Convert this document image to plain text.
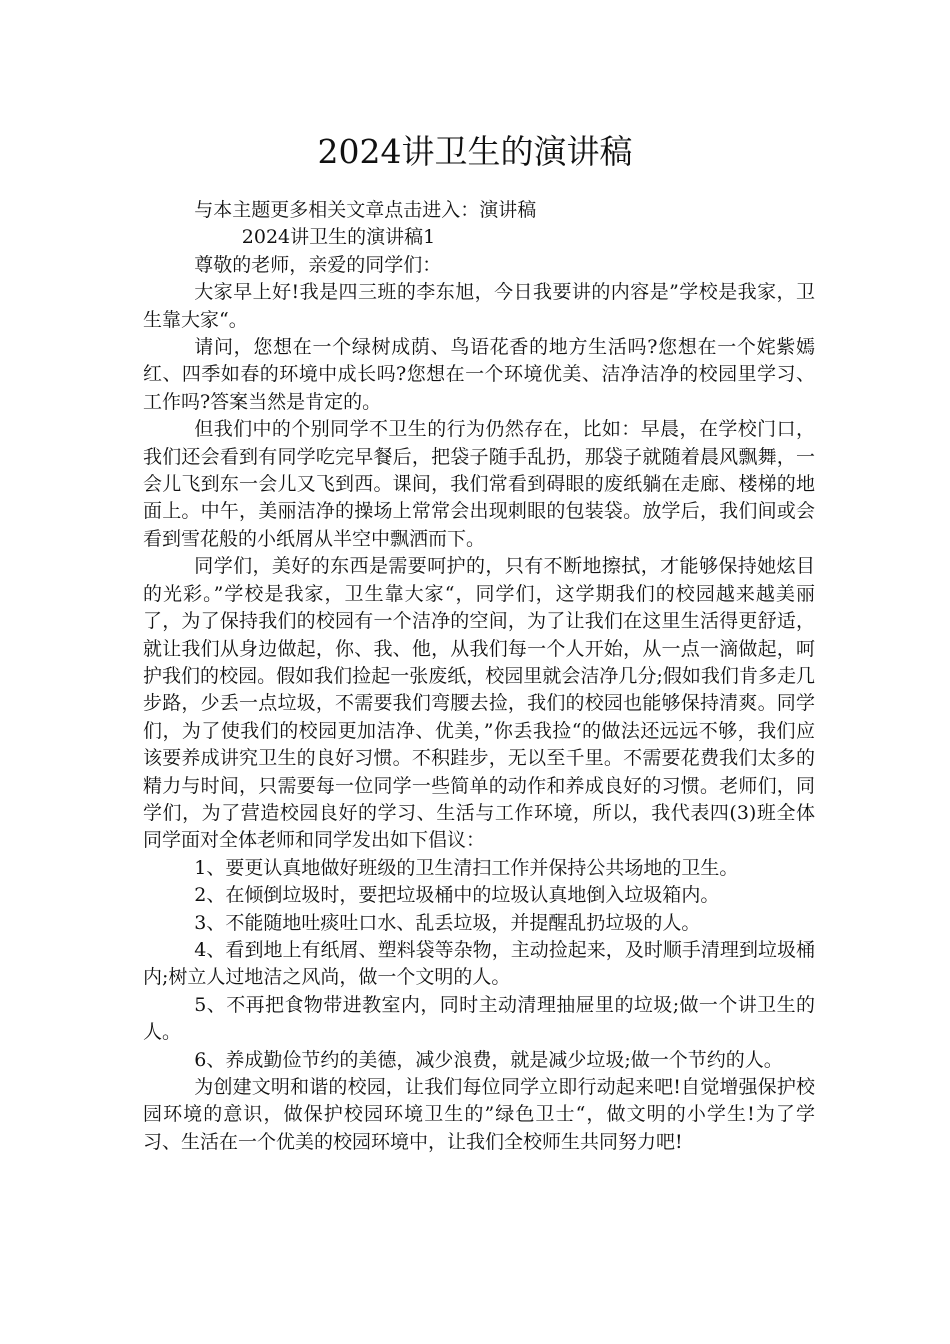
2024讲卫生的演讲稿

与本主题更多相关文章点击进入：演讲稿

2024讲卫生的演讲稿1

尊敬的老师，亲爱的同学们：

大家早上好!我是四三班的李东旭，今日我要讲的内容是”学校是我家，卫生靠大家“。

请问，您想在一个绿树成荫、鸟语花香的地方生活吗?您想在一个姹紫嫣红、四季如春的环境中成长吗?您想在一个环境优美、洁净洁净的校园里学习、工作吗?答案当然是肯定的。

但我们中的个别同学不卫生的行为仍然存在，比如：早晨，在学校门口，我们还会看到有同学吃完早餐后，把袋子随手乱扔，那袋子就随着晨风飘舞，一会儿飞到东一会儿又飞到西。课间，我们常看到碍眼的废纸躺在走廊、楼梯的地面上。中午，美丽洁净的操场上常常会出现刺眼的包装袋。放学后，我们间或会看到雪花般的小纸屑从半空中飘洒而下。

同学们，美好的东西是需要呵护的，只有不断地擦拭，才能够保持她炫目的光彩。”学校是我家，卫生靠大家“，同学们，这学期我们的校园越来越美丽了，为了保持我们的校园有一个洁净的空间，为了让我们在这里生活得更舒适，就让我们从身边做起，你、我、他，从我们每一个人开始，从一点一滴做起，呵护我们的校园。假如我们捡起一张废纸，校园里就会洁净几分;假如我们肯多走几步路，少丢一点垃圾，不需要我们弯腰去捡，我们的校园也能够保持清爽。同学们，为了使我们的校园更加洁净、优美，”你丢我捡“的做法还远远不够，我们应该要养成讲究卫生的良好习惯。不积跬步，无以至千里。不需要花费我们太多的精力与时间，只需要每一位同学一些简单的动作和养成良好的习惯。老师们，同学们，为了营造校园良好的学习、生活与工作环境，所以，我代表四(3)班全体同学面对全体老师和同学发出如下倡议：

1、要更认真地做好班级的卫生清扫工作并保持公共场地的卫生。

2、在倾倒垃圾时，要把垃圾桶中的垃圾认真地倒入垃圾箱内。

3、不能随地吐痰吐口水、乱丢垃圾，并提醒乱扔垃圾的人。

4、看到地上有纸屑、塑料袋等杂物，主动捡起来，及时顺手清理到垃圾桶内;树立人过地洁之风尚，做一个文明的人。

5、不再把食物带进教室内，同时主动清理抽屉里的垃圾;做一个讲卫生的人。

6、养成勤俭节约的美德，减少浪费，就是减少垃圾;做一个节约的人。

为创建文明和谐的校园，让我们每位同学立即行动起来吧!自觉增强保护校园环境的意识，做保护校园环境卫生的”绿色卫士“，做文明的小学生!为了学习、生活在一个优美的校园环境中，让我们全校师生共同努力吧!
